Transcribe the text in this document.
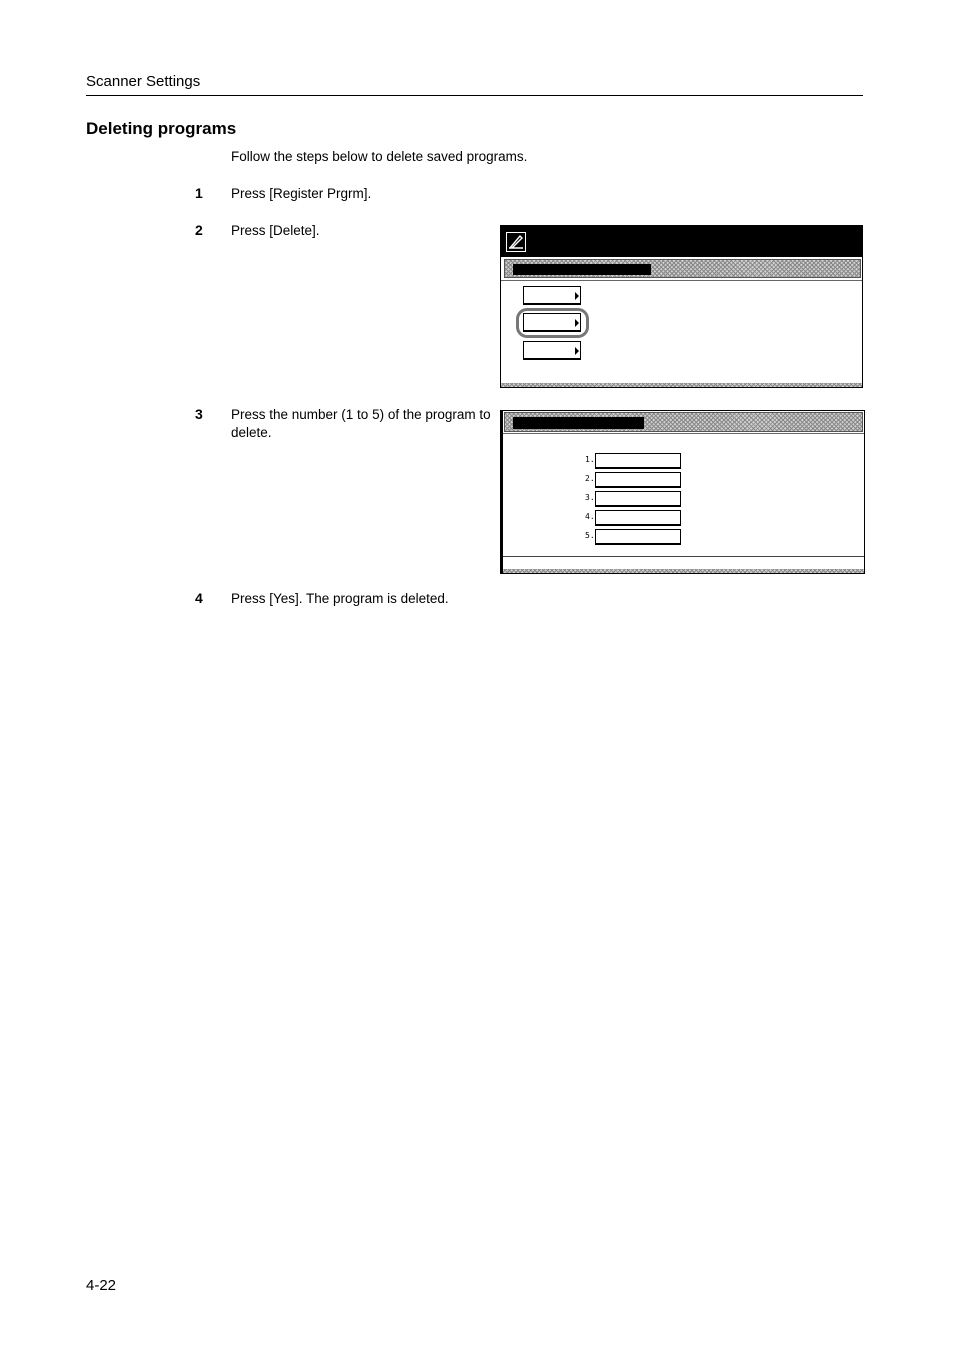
Scanner Settings
Deleting programs
Follow the steps below to delete saved programs.
1 Press [Register Prgrm].
2 Press [Delete].
3 Press the number (1 to 5) of the program to delete.
4 Press [Yes]. The program is deleted.
1.
2.
3.
4.
5.
4-22
